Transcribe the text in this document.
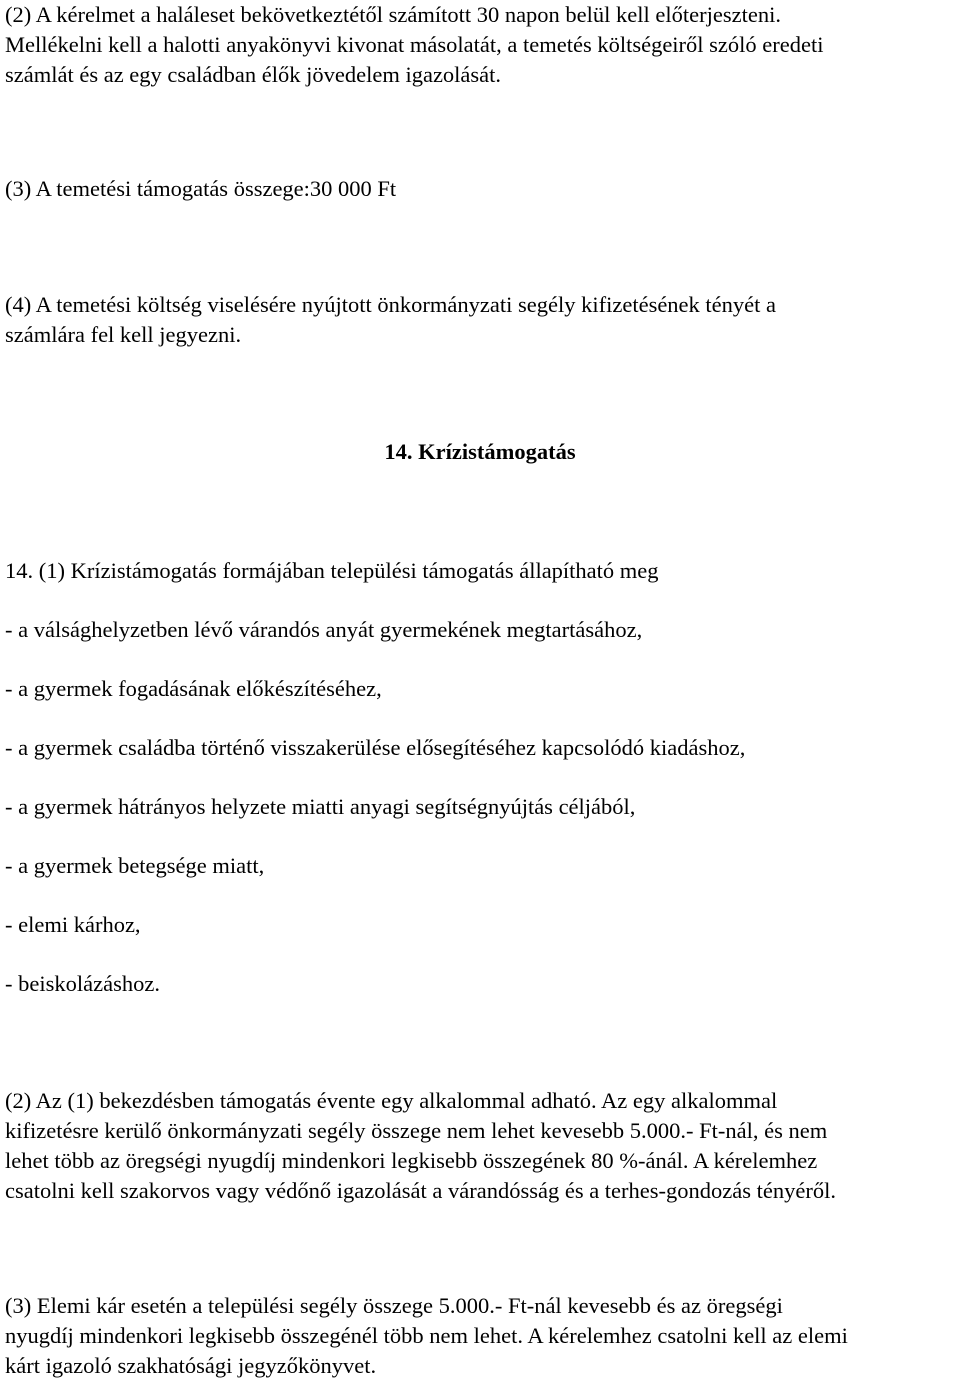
(2) A kérelmet a haláleset bekövetkeztétől számított 30 napon belül kell előterjeszteni.
Mellékelni kell a halotti anyakönyvi kivonat másolatát, a temetés költségeiről szóló eredeti
számlát és az egy családban élők jövedelem igazolását.

(3) A temetési támogatás összege:30 000 Ft

(4) A temetési költség viselésére nyújtott önkormányzati segély kifizetésének tényét a
számlára fel kell jegyezni.

14. Krízistámogatás

14. (1) Krízistámogatás formájában települési támogatás állapítható meg

- a válsághelyzetben lévő várandós anyát gyermekének megtartásához,

- a gyermek fogadásának előkészítéséhez,

- a gyermek családba történő visszakerülése elősegítéséhez kapcsolódó kiadáshoz,

- a gyermek hátrányos helyzete miatti anyagi segítségnyújtás céljából,

- a gyermek betegsége miatt,

- elemi kárhoz,

- beiskolázáshoz.

(2) Az (1) bekezdésben támogatás évente egy alkalommal adható. Az egy alkalommal
kifizetésre kerülő önkormányzati segély összege nem lehet kevesebb 5.000.- Ft-nál, és nem
lehet több az öregségi nyugdíj mindenkori legkisebb összegének 80 %-ánál. A kérelemhez
csatolni kell szakorvos vagy védőnő igazolását a várandósság és a terhes-gondozás tényéről.

(3) Elemi kár esetén a települési segély összege 5.000.- Ft-nál kevesebb és az öregségi
nyugdíj mindenkori legkisebb összegénél több nem lehet. A kérelemhez csatolni kell az elemi
kárt igazoló szakhatósági jegyzőkönyvet.
